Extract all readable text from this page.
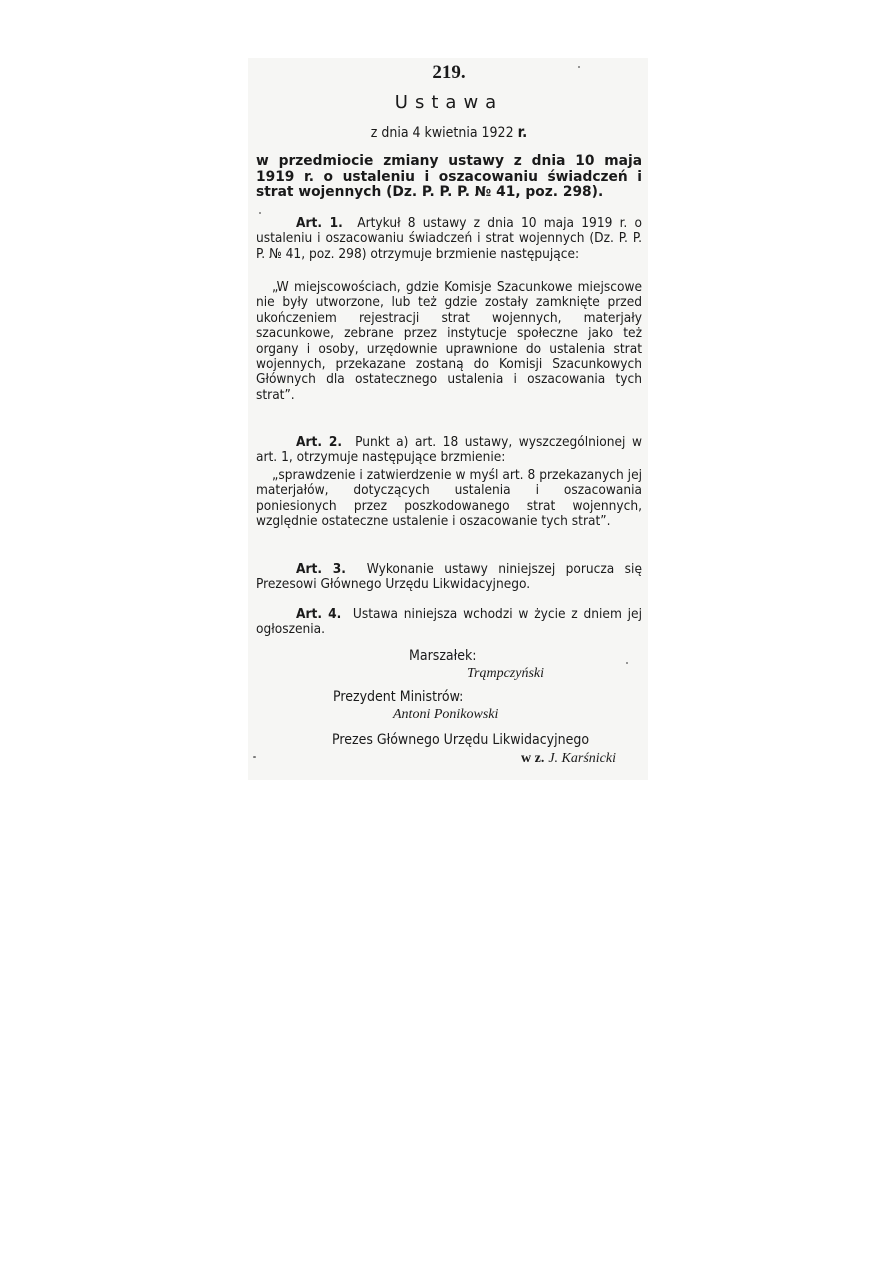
219.
Ustawa
z dnia 4 kwietnia 1922 r.
w przedmiocie zmiany ustawy z dnia 10 maja 1919 r. o ustaleniu i oszacowaniu świadczeń i strat wojennych (Dz. P. P. P. № 41, poz. 298).
Art. 1. Artykuł 8 ustawy z dnia 10 maja 1919 r. o ustaleniu i oszacowaniu świadczeń i strat wojennych (Dz. P. P. P. № 41, poz. 298) otrzymuje brzmienie następujące:
„W miejscowościach, gdzie Komisje Szacunkowe miejscowe nie były utworzone, lub też gdzie zostały zamknięte przed ukończeniem rejestracji strat wojennych, materjały szacunkowe, zebrane przez instytucje społeczne jako też organy i osoby, urzędownie uprawnione do ustalenia strat wojennych, przekazane zostaną do Komisji Szacunkowych Głównych dla ostatecznego ustalenia i oszacowania tych strat”.
Art. 2. Punkt a) art. 18 ustawy, wyszczególnionej w art. 1, otrzymuje następujące brzmienie:
„sprawdzenie i zatwierdzenie w myśl art. 8 przekazanych jej materjałów, dotyczących ustalenia i oszacowania poniesionych przez poszkodowanego strat wojennych, względnie ostateczne ustalenie i oszacowanie tych strat”.
Art. 3. Wykonanie ustawy niniejszej porucza się Prezesowi Głównego Urzędu Likwidacyjnego.
Art. 4. Ustawa niniejsza wchodzi w życie z dniem jej ogłoszenia.
Marszałek:
Trąmpczyński
Prezydent Ministrów:
Antoni Ponikowski
Prezes Głównego Urzędu Likwidacyjnego
w z. J. Karśnicki
